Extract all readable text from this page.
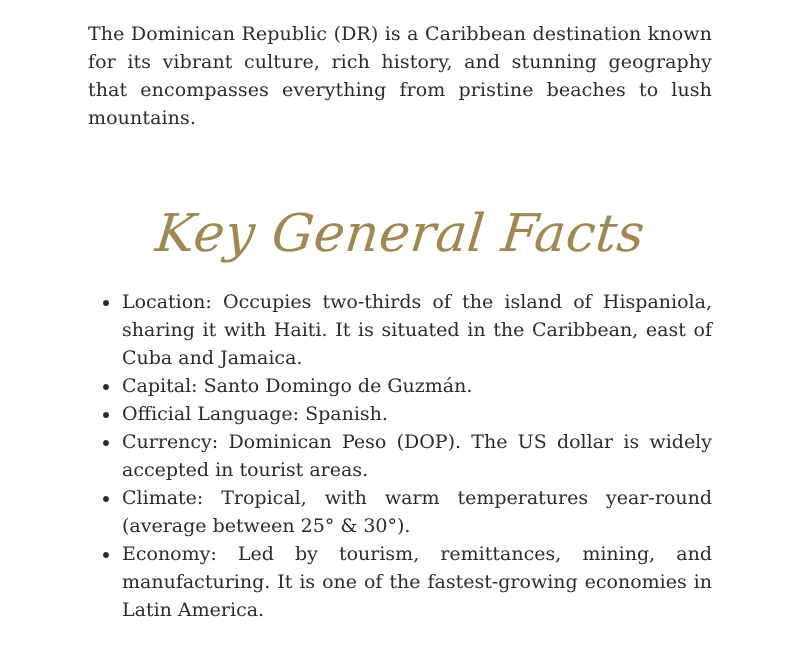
The Dominican Republic (DR) is a Caribbean destination known for its vibrant culture, rich history, and stunning geography that encompasses everything from pristine beaches to lush mountains.

Key General Facts
Location: Occupies two-thirds of the island of Hispaniola, sharing it with Haiti. It is situated in the Caribbean, east of Cuba and Jamaica.
Capital: Santo Domingo de Guzmán.
Official Language: Spanish.
Currency: Dominican Peso (DOP). The US dollar is widely accepted in tourist areas.
Climate: Tropical, with warm temperatures year-round (average between 25° & 30°).
Economy: Led by tourism, remittances, mining, and manufacturing. It is one of the fastest-growing economies in Latin America.
